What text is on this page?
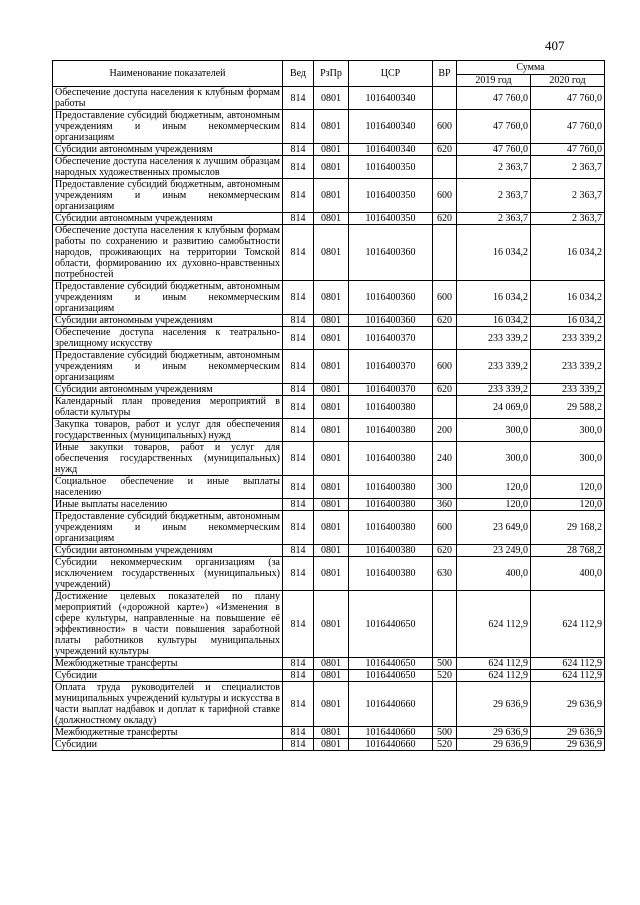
407
Наименование показателей	Вед	РзПр	ЦСР	ВР	Сумма	
					2019 год	2020 год
Обеспечение доступа населения к клубным формам работы	814	0801	1016400340		47 760,0	47 760,0
Предоставление субсидий бюджетным, автономным учреждениям и иным некоммерческим организациям	814	0801	1016400340	600	47 760,0	47 760,0
Субсидии автономным учреждениям	814	0801	1016400340	620	47 760,0	47 760,0
Обеспечение доступа населения к лучшим образцам народных художественных промыслов	814	0801	1016400350		2 363,7	2 363,7
Предоставление субсидий бюджетным, автономным учреждениям и иным некоммерческим организациям	814	0801	1016400350	600	2 363,7	2 363,7
Субсидии автономным учреждениям	814	0801	1016400350	620	2 363,7	2 363,7
Обеспечение доступа населения к клубным формам работы по сохранению и развитию самобытности народов, проживающих на территории Томской области, формированию их духовно-нравственных потребностей	814	0801	1016400360		16 034,2	16 034,2
Предоставление субсидий бюджетным, автономным учреждениям и иным некоммерческим организациям	814	0801	1016400360	600	16 034,2	16 034,2
Субсидии автономным учреждениям	814	0801	1016400360	620	16 034,2	16 034,2
Обеспечение доступа населения к театрально-зрелищному искусству	814	0801	1016400370		233 339,2	233 339,2
Предоставление субсидий бюджетным, автономным учреждениям и иным некоммерческим организациям	814	0801	1016400370	600	233 339,2	233 339,2
Субсидии автономным учреждениям	814	0801	1016400370	620	233 339,2	233 339,2
Календарный план проведения мероприятий в области культуры	814	0801	1016400380		24 069,0	29 588,2
Закупка товаров, работ и услуг для обеспечения государственных (муниципальных) нужд	814	0801	1016400380	200	300,0	300,0
Иные закупки товаров, работ и услуг для обеспечения государственных (муниципальных) нужд	814	0801	1016400380	240	300,0	300,0
Социальное обеспечение и иные выплаты населению	814	0801	1016400380	300	120,0	120,0
Иные выплаты населению	814	0801	1016400380	360	120,0	120,0
Предоставление субсидий бюджетным, автономным учреждениям и иным некоммерческим организациям	814	0801	1016400380	600	23 649,0	29 168,2
Субсидии автономным учреждениям	814	0801	1016400380	620	23 249,0	28 768,2
Субсидии некоммерческим организациям (за исключением государственных (муниципальных) учреждений)	814	0801	1016400380	630	400,0	400,0
Достижение целевых показателей по плану мероприятий («дорожной карте») «Изменения в сфере культуры, направленные на повышение её эффективности» в части повышения заработной платы работников культуры муниципальных учреждений культуры	814	0801	1016440650		624 112,9	624 112,9
Межбюджетные трансферты	814	0801	1016440650	500	624 112,9	624 112,9
Субсидии	814	0801	1016440650	520	624 112,9	624 112,9
Оплата труда руководителей и специалистов муниципальных учреждений культуры и искусства в части выплат надбавок и доплат к тарифной ставке (должностному окладу)	814	0801	1016440660		29 636,9	29 636,9
Межбюджетные трансферты	814	0801	1016440660	500	29 636,9	29 636,9
Субсидии	814	0801	1016440660	520	29 636,9	29 636,9
